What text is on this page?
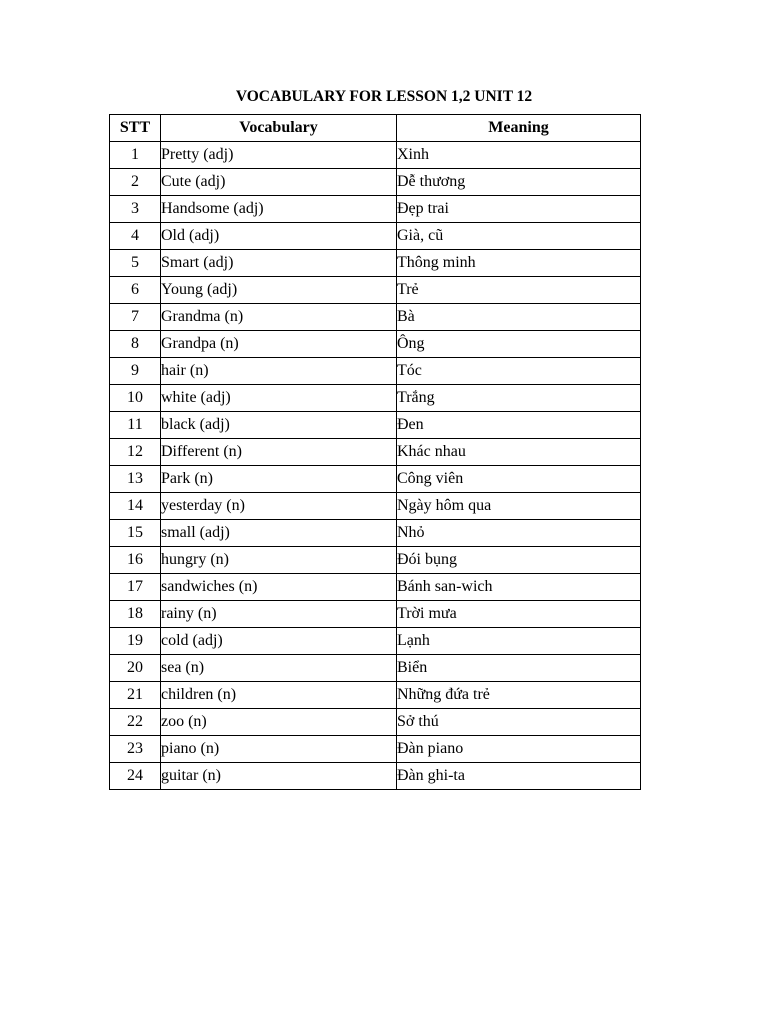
VOCABULARY FOR LESSON 1,2 UNIT 12
STT	Vocabulary	Meaning
1	Pretty (adj)	Xinh
2	Cute (adj)	Dễ thương
3	Handsome (adj)	Đẹp trai
4	Old (adj)	Già, cũ
5	Smart (adj)	Thông minh
6	Young (adj)	Trẻ
7	Grandma (n)	Bà
8	Grandpa (n)	Ông
9	hair (n)	Tóc
10	white (adj)	Trắng
11	black (adj)	Đen
12	Different (n)	Khác nhau
13	Park (n)	Công viên
14	yesterday (n)	Ngày hôm qua
15	small (adj)	Nhỏ
16	hungry (n)	Đói bụng
17	sandwiches (n)	Bánh san-wich
18	rainy (n)	Trời mưa
19	cold (adj)	Lạnh
20	sea (n)	Biển
21	children (n)	Những đứa trẻ
22	zoo (n)	Sở thú
23	piano (n)	Đàn piano
24	guitar (n)	Đàn ghi-ta
